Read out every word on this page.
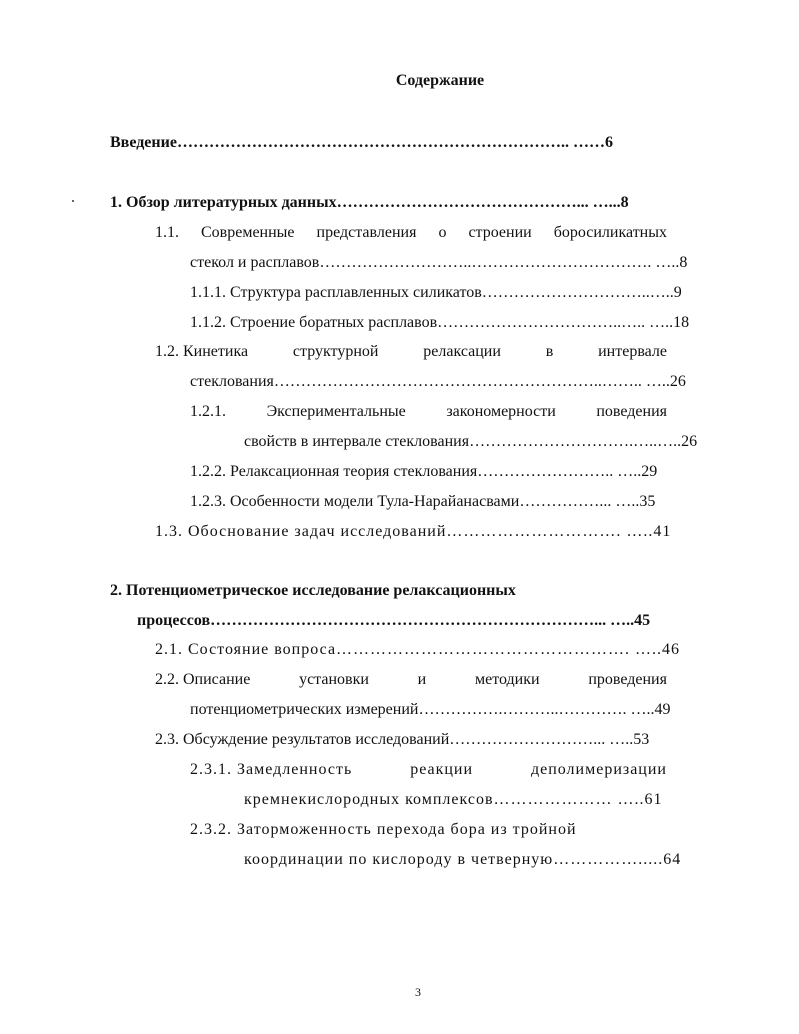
Содержание
Введение……………………………………………………………….. ……6
1. Обзор литературных данных………………………………………... …...8
1.1. Современные представления о строении боросиликатных
стекол и расплавов………………………..……………………………. …..8
1.1.1. Структура расплавленных силикатов…………………………..…..9
1.1.2. Строение боратных расплавов……………………………..….. …..18
1.2. Кинетика	структурной	релаксации	в	интервале
стеклования……………………………………………………..…….. …..26
1.2.1.	Экспериментальные	закономерности	поведения
свойств в интервале стеклования………………………….…..…..26
1.2.2. Релаксационная теория стеклования…………………….. …..29
1.2.3. Особенности модели Тула-Нарайанасвами……………... …..35
1.3. Обоснование задач исследований…………………………. …..41
2. Потенциометрическое исследование релаксационных
процессов………………………………………………………………... …..45
2.1. Состояние вопроса……………………………………………. …..46
2.2. Описание	установки	и	методики	проведения
потенциометрических измерений…………….………..…………. …..49
2.3. Обсуждение результатов исследований………………………... …..53
2.3.1. Замедленность	реакции	деполимеризации
кремнекислородных комплексов………………… …..61
2.3.2. Заторможенность перехода бора из тройной
координации по кислороду в четверную…………….....64
3
